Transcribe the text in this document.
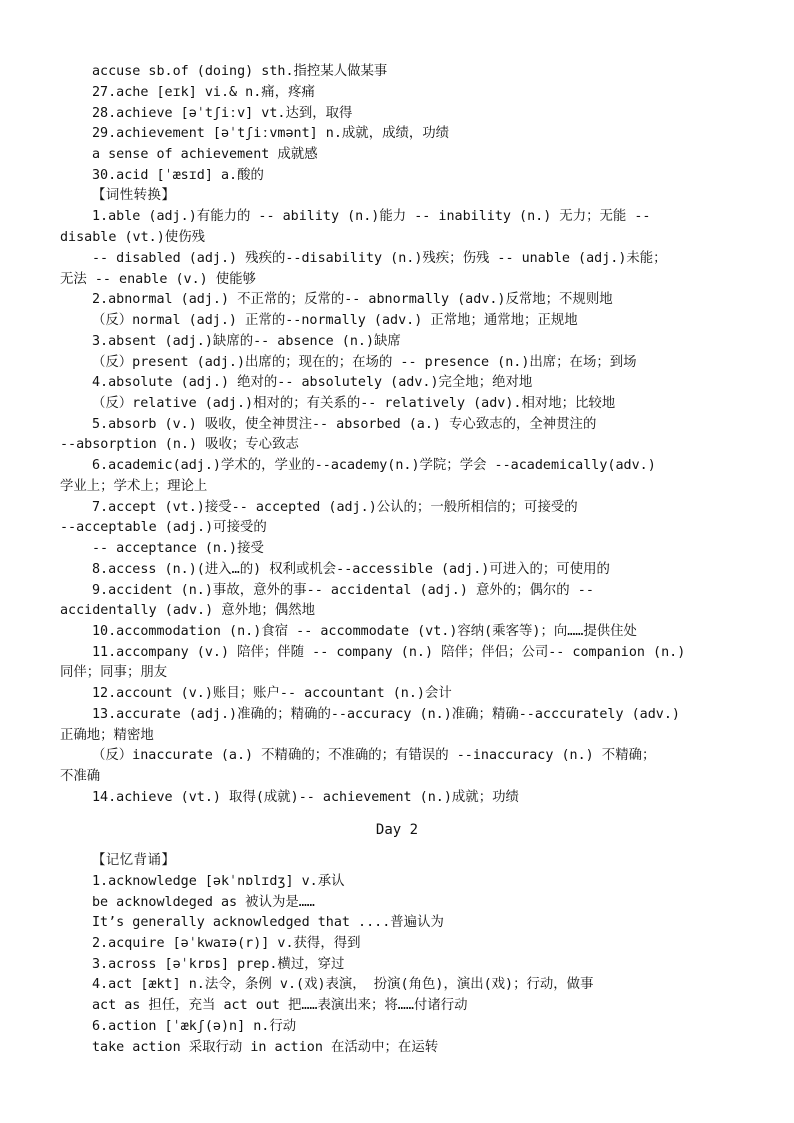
accuse sb.of (doing) sth.指控某人做某事
27.ache [eɪk] vi.& n.痛，疼痛
28.achieve [əˈtʃiːv] vt.达到，取得
29.achievement [əˈtʃiːvmənt] n.成就，成绩，功绩
a sense of achievement 成就感
30.acid [ˈæsɪd] a.酸的
【词性转换】
1.able (adj.)有能力的 -- ability (n.)能力 -- inability (n.) 无力；无能 --
disable (vt.)使伤残
-- disabled (adj.) 残疾的--disability (n.)残疾；伤残 -- unable (adj.)未能；
无法 -- enable (v.) 使能够
2.abnormal (adj.) 不正常的；反常的-- abnormally (adv.)反常地；不规则地
（反）normal (adj.) 正常的--normally (adv.) 正常地；通常地；正规地
3.absent (adj.)缺席的-- absence (n.)缺席
（反）present (adj.)出席的；现在的；在场的 -- presence (n.)出席；在场；到场
4.absolute (adj.) 绝对的-- absolutely (adv.)完全地；绝对地
（反）relative (adj.)相对的；有关系的-- relatively (adv).相对地；比较地
5.absorb (v.) 吸收，使全神贯注-- absorbed (a.) 专心致志的，全神贯注的
--absorption (n.) 吸收；专心致志
6.academic(adj.)学术的，学业的--academy(n.)学院；学会 --academically(adv.)
学业上；学术上；理论上
7.accept (vt.)接受-- accepted (adj.)公认的；一般所相信的；可接受的
--acceptable (adj.)可接受的
-- acceptance (n.)接受
8.access (n.)(进入…的) 权利或机会--accessible (adj.)可进入的；可使用的
9.accident (n.)事故，意外的事-- accidental (adj.) 意外的；偶尔的 --
accidentally (adv.) 意外地；偶然地
10.accommodation (n.)食宿 -- accommodate (vt.)容纳(乘客等)；向……提供住处
11.accompany (v.) 陪伴；伴随 -- company (n.) 陪伴；伴侣；公司-- companion (n.)
同伴；同事；朋友
12.account (v.)账目；账户-- accountant (n.)会计
13.accurate (adj.)准确的；精确的--accuracy (n.)准确；精确--acccurately (adv.)
正确地；精密地
（反）inaccurate (a.) 不精确的；不准确的；有错误的 --inaccuracy (n.) 不精确；
不准确
14.achieve (vt.) 取得(成就)-- achievement (n.)成就；功绩
Day 2
【记忆背诵】
1.acknowledge [əkˈnɒlɪdʒ] v.承认
be acknowldeged as 被认为是……
It’s generally acknowledged that ....普遍认为
2.acquire [əˈkwaɪə(r)] v.获得，得到
3.across [əˈkrɒs] prep.横过，穿过
4.act [ækt] n.法令，条例 v.(戏)表演， 扮演(角色)，演出(戏)；行动，做事
act as 担任，充当 act out 把……表演出来；将……付诸行动
6.action [ˈækʃ(ə)n] n.行动
take action 采取行动 in action 在活动中；在运转
